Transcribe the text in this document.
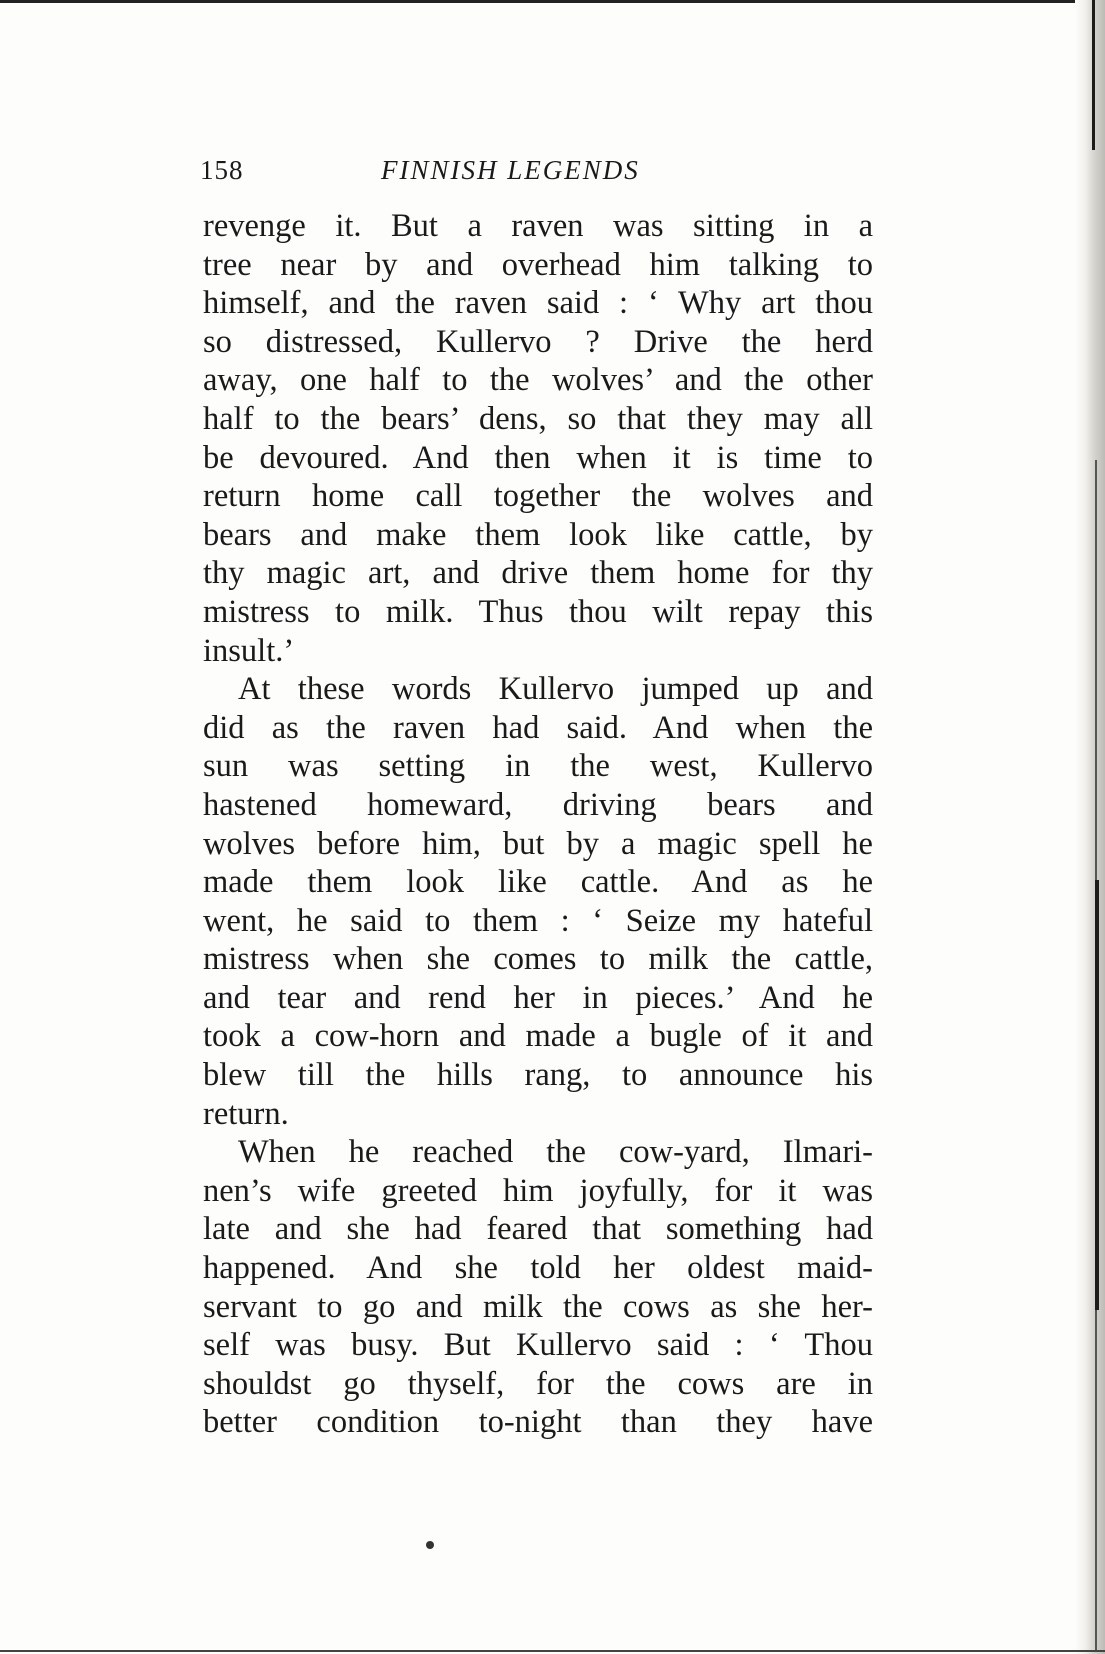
158	FINNISH LEGENDS
revenge it. But a raven was sitting in a
tree near by and overhead him talking to
himself, and the raven said : ‘ Why art thou
so distressed, Kullervo ? Drive the herd
away, one half to the wolves’ and the other
half to the bears’ dens, so that they may all
be devoured. And then when it is time to
return home call together the wolves and
bears and make them look like cattle, by
thy magic art, and drive them home for thy
mistress to milk. Thus thou wilt repay this
insult.’
At these words Kullervo jumped up and
did as the raven had said. And when the
sun was setting in the west, Kullervo
hastened homeward, driving bears and
wolves before him, but by a magic spell he
made them look like cattle. And as he
went, he said to them : ‘ Seize my hateful
mistress when she comes to milk the cattle,
and tear and rend her in pieces.’ And he
took a cow-horn and made a bugle of it and
blew till the hills rang, to announce his
return.
When he reached the cow-yard, Ilmari-
nen’s wife greeted him joyfully, for it was
late and she had feared that something had
happened. And she told her oldest maid-
servant to go and milk the cows as she her-
self was busy. But Kullervo said : ‘ Thou
shouldst go thyself, for the cows are in
better condition to-night than they have
